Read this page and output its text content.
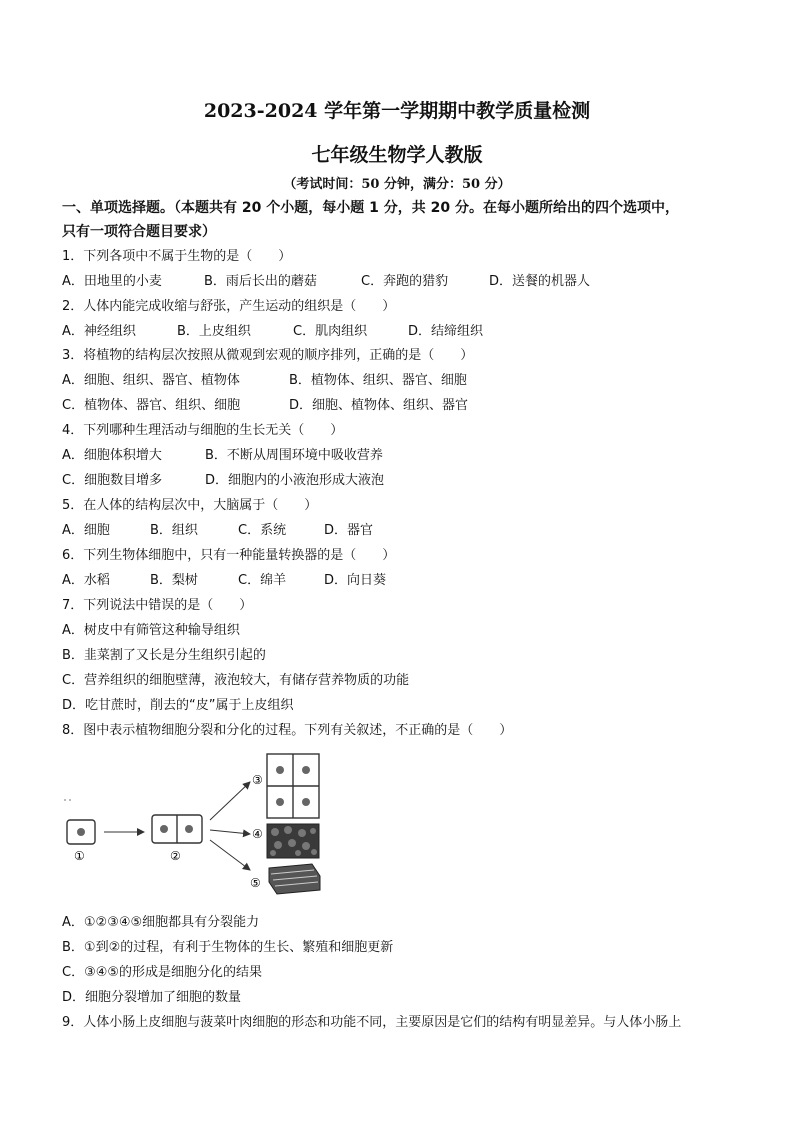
2023-2024 学年第一学期期中教学质量检测
七年级生物学人教版
（考试时间：50 分钟，满分：50 分）
一、单项选择题。（本题共有 20 个小题，每小题 1 分，共 20 分。在每小题所给出的四个选项中，
只有一项符合题目要求）
1．下列各项中不属于生物的是（　　）
A．田地里的小麦	B．雨后长出的蘑菇	C．奔跑的猎豹	D．送餐的机器人
2．人体内能完成收缩与舒张，产生运动的组织是（　　）
A．神经组织	B．上皮组织	C．肌肉组织	D．结缔组织
3．将植物的结构层次按照从微观到宏观的顺序排列，正确的是（　　）
A．细胞、组织、器官、植物体	B．植物体、组织、器官、细胞
C．植物体、器官、组织、细胞	D．细胞、植物体、组织、器官
4．下列哪种生理活动与细胞的生长无关（　　）
A．细胞体积增大	B．不断从周围环境中吸收营养
C．细胞数目增多	D．细胞内的小液泡形成大液泡
5．在人体的结构层次中，大脑属于（　　）
A．细胞	B．组织	C．系统	D．器官
6．下列生物体细胞中，只有一种能量转换器的是（　　）
A．水稻	B．梨树	C．绵羊	D．向日葵
7．下列说法中错误的是（　　）
A．树皮中有筛管这种输导组织
B．韭菜割了又长是分生组织引起的
C．营养组织的细胞壁薄，液泡较大，有储存营养物质的功能
D．吃甘蔗时，削去的“皮”属于上皮组织
8．图中表示植物细胞分裂和分化的过程。下列有关叙述，不正确的是（　　）
①	②
③
④
⑤
A．①②③④⑤细胞都具有分裂能力
B．①到②的过程，有利于生物体的生长、繁殖和细胞更新
C．③④⑤的形成是细胞分化的结果
D．细胞分裂增加了细胞的数量
9．人体小肠上皮细胞与菠菜叶肉细胞的形态和功能不同，主要原因是它们的结构有明显差异。与人体小肠上
